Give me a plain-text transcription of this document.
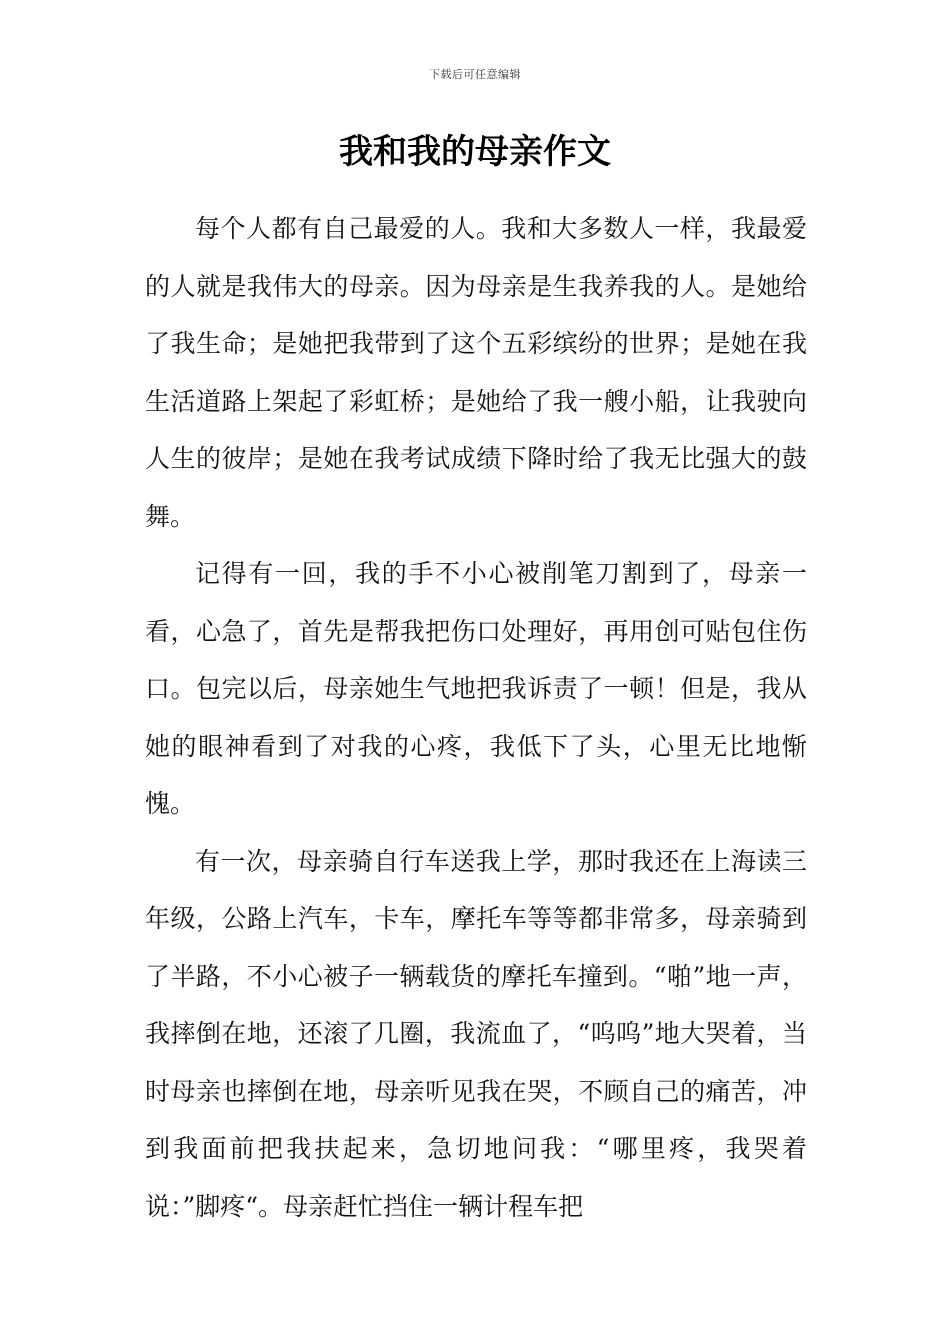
下载后可任意编辑
我和我的母亲作文

每个人都有自己最爱的人。我和大多数人一样，我最爱的人就是我伟大的母亲。因为母亲是生我养我的人。是她给了我生命；是她把我带到了这个五彩缤纷的世界；是她在我生活道路上架起了彩虹桥；是她给了我一艘小船，让我驶向人生的彼岸；是她在我考试成绩下降时给了我无比强大的鼓舞。

记得有一回，我的手不小心被削笔刀割到了，母亲一看，心急了，首先是帮我把伤口处理好，再用创可贴包住伤口。包完以后，母亲她生气地把我诉责了一顿！但是，我从她的眼神看到了对我的心疼，我低下了头，心里无比地惭愧。

有一次，母亲骑自行车送我上学，那时我还在上海读三年级，公路上汽车，卡车，摩托车等等都非常多，母亲骑到了半路，不小心被子一辆载货的摩托车撞到。“啪”地一声，我摔倒在地，还滚了几圈，我流血了，“呜呜”地大哭着，当时母亲也摔倒在地，母亲听见我在哭，不顾自己的痛苦，冲到我面前把我扶起来，急切地问我：“哪里疼，我哭着说：”脚疼“。母亲赶忙挡住一辆计程车把
